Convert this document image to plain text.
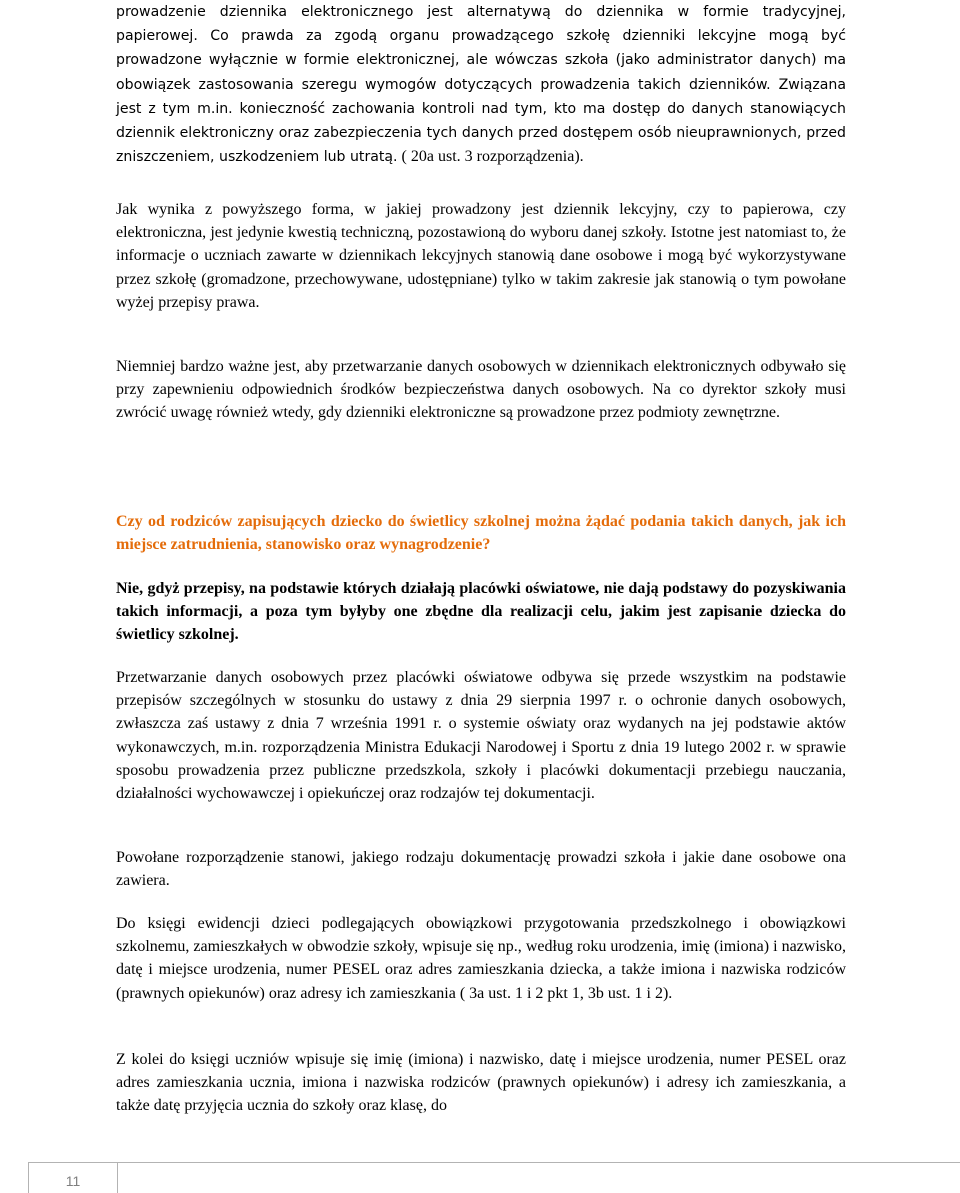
prowadzenie dziennika elektronicznego jest alternatywą do dziennika w formie tradycyjnej, papierowej. Co prawda za zgodą organu prowadzącego szkołę dzienniki lekcyjne mogą być prowadzone wyłącznie w formie elektronicznej, ale wówczas szkoła (jako administrator danych) ma obowiązek zastosowania szeregu wymogów dotyczących prowadzenia takich dzienników. Związana jest z tym m.in. konieczność zachowania kontroli nad tym, kto ma dostęp do danych stanowiących dziennik elektroniczny oraz zabezpieczenia tych danych przed dostępem osób nieuprawnionych, przed zniszczeniem, uszkodzeniem lub utratą. ( 20a ust. 3 rozporządzenia).

Jak wynika z powyższego forma, w jakiej prowadzony jest dziennik lekcyjny, czy to papierowa, czy elektroniczna, jest jedynie kwestią techniczną, pozostawioną do wyboru danej szkoły. Istotne jest natomiast to, że informacje o uczniach zawarte w dziennikach lekcyjnych stanowią dane osobowe i mogą być wykorzystywane przez szkołę (gromadzone, przechowywane, udostępniane) tylko w takim zakresie jak stanowią o tym powołane wyżej przepisy prawa.

Niemniej bardzo ważne jest, aby przetwarzanie danych osobowych w dziennikach elektronicznych odbywało się przy zapewnieniu odpowiednich środków bezpieczeństwa danych osobowych. Na co dyrektor szkoły musi zwrócić uwagę również wtedy, gdy dzienniki elektroniczne są prowadzone przez podmioty zewnętrzne.

Czy od rodziców zapisujących dziecko do świetlicy szkolnej można żądać podania takich danych, jak ich miejsce zatrudnienia, stanowisko oraz wynagrodzenie?

Nie, gdyż przepisy, na podstawie których działają placówki oświatowe, nie dają podstawy do pozyskiwania takich informacji, a poza tym byłyby one zbędne dla realizacji celu, jakim jest zapisanie dziecka do świetlicy szkolnej.

Przetwarzanie danych osobowych przez placówki oświatowe odbywa się przede wszystkim na podstawie przepisów szczególnych w stosunku do ustawy z dnia 29 sierpnia 1997 r. o ochronie danych osobowych, zwłaszcza zaś ustawy z dnia 7 września 1991 r. o systemie oświaty oraz wydanych na jej podstawie aktów wykonawczych, m.in. rozporządzenia Ministra Edukacji Narodowej i Sportu z dnia 19 lutego 2002 r. w sprawie sposobu prowadzenia przez publiczne przedszkola, szkoły i placówki dokumentacji przebiegu nauczania, działalności wychowawczej i opiekuńczej oraz rodzajów tej dokumentacji.

Powołane rozporządzenie stanowi, jakiego rodzaju dokumentację prowadzi szkoła i jakie dane osobowe ona zawiera.

Do księgi ewidencji dzieci podlegających obowiązkowi przygotowania przedszkolnego i obowiązkowi szkolnemu, zamieszkałych w obwodzie szkoły, wpisuje się np., według roku urodzenia, imię (imiona) i nazwisko, datę i miejsce urodzenia, numer PESEL oraz adres zamieszkania dziecka, a także imiona i nazwiska rodziców (prawnych opiekunów) oraz adresy ich zamieszkania ( 3a ust. 1 i 2 pkt 1, 3b ust. 1 i 2).

Z kolei do księgi uczniów wpisuje się imię (imiona) i nazwisko, datę i miejsce urodzenia, numer PESEL oraz adres zamieszkania ucznia, imiona i nazwiska rodziców (prawnych opiekunów) i adresy ich zamieszkania, a także datę przyjęcia ucznia do szkoły oraz klasę, do

11
